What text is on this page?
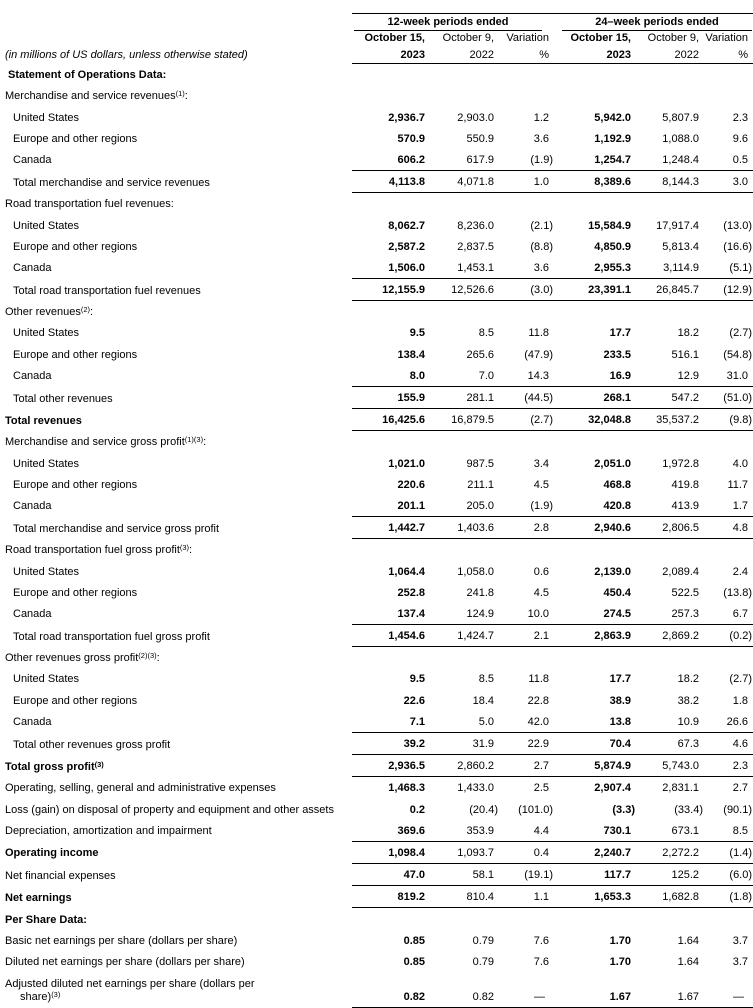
(in millions of US dollars, unless otherwise stated)	12-week periods ended			24–week periods ended		

	October 15,	October 9,	Variation	October 15,	October 9,	Variation
	2023	2022	%	2023	2022	%

Statement of Operations Data:						

Merchandise and service revenues$^{(1)}$:						

United States	2,936.7	2,903.0	1.2	5,942.0	5,807.9	2.3

Europe and other regions	570.9	550.9	3.6	1,192.9	1,088.0	9.6

Canada	606.2	617.9	(1.9)	1,254.7	1,248.4	0.5

Total merchandise and service revenues	4,113.8	4,071.8	1.0	8,389.6	8,144.3	3.0

Road transportation fuel revenues:						

United States	8,062.7	8,236.0	(2.1)	15,584.9	17,917.4	(13.0)

Europe and other regions	2,587.2	2,837.5	(8.8)	4,850.9	5,813.4	(16.6)

Canada	1,506.0	1,453.1	3.6	2,955.3	3,114.9	(5.1)

Total road transportation fuel revenues	12,155.9	12,526.6	(3.0)	23,391.1	26,845.7	(12.9)

Other revenues$^{(2)}$:						

United States	9.5	8.5	11.8	17.7	18.2	(2.7)

Europe and other regions	138.4	265.6	(47.9)	233.5	516.1	(54.8)

Canada	8.0	7.0	14.3	16.9	12.9	31.0

Total other revenues	155.9	281.1	(44.5)	268.1	547.2	(51.0)

Total revenues	16,425.6	16,879.5	(2.7)	32,048.8	35,537.2	(9.8)

Merchandise and service gross profit$^{(1)(3)}$:						

United States	1,021.0	987.5	3.4	2,051.0	1,972.8	4.0

Europe and other regions	220.6	211.1	4.5	468.8	419.8	11.7

Canada	201.1	205.0	(1.9)	420.8	413.9	1.7

Total merchandise and service gross profit	1,442.7	1,403.6	2.8	2,940.6	2,806.5	4.8

Road transportation fuel gross profit$^{(3)}$:						

United States	1,064.4	1,058.0	0.6	2,139.0	2,089.4	2.4

Europe and other regions	252.8	241.8	4.5	450.4	522.5	(13.8)

Canada	137.4	124.9	10.0	274.5	257.3	6.7

Total road transportation fuel gross profit	1,454.6	1,424.7	2.1	2,863.9	2,869.2	(0.2)

Other revenues gross profit$^{(2)(3)}$:						

United States	9.5	8.5	11.8	17.7	18.2	(2.7)

Europe and other regions	22.6	18.4	22.8	38.9	38.2	1.8

Canada	7.1	5.0	42.0	13.8	10.9	26.6

Total other revenues gross profit	39.2	31.9	22.9	70.4	67.3	4.6

Total gross profit$^{(3)}$	2,936.5	2,860.2	2.7	5,874.9	5,743.0	2.3

Operating, selling, general and administrative expenses	1,468.3	1,433.0	2.5	2,907.4	2,831.1	2.7

Loss (gain) on disposal of property and equipment and other assets	0.2	(20.4)	(101.0)	(3.3)	(33.4)	(90.1)

Depreciation, amortization and impairment	369.6	353.9	4.4	730.1	673.1	8.5

Operating income	1,098.4	1,093.7	0.4	2,240.7	2,272.2	(1.4)

Net financial expenses	47.0	58.1	(19.1)	117.7	125.2	(6.0)

Net earnings	819.2	810.4	1.1	1,653.3	1,682.8	(1.8)

Per Share Data:						

Basic net earnings per share (dollars per share)	0.85	0.79	7.6	1.70	1.64	3.7

Diluted net earnings per share (dollars per share)	0.85	0.79	7.6	1.70	1.64	3.7

Adjusted diluted net earnings per share (dollars per
share)$^{(3)}$	0.82	0.82	—	1.67	1.67	—
